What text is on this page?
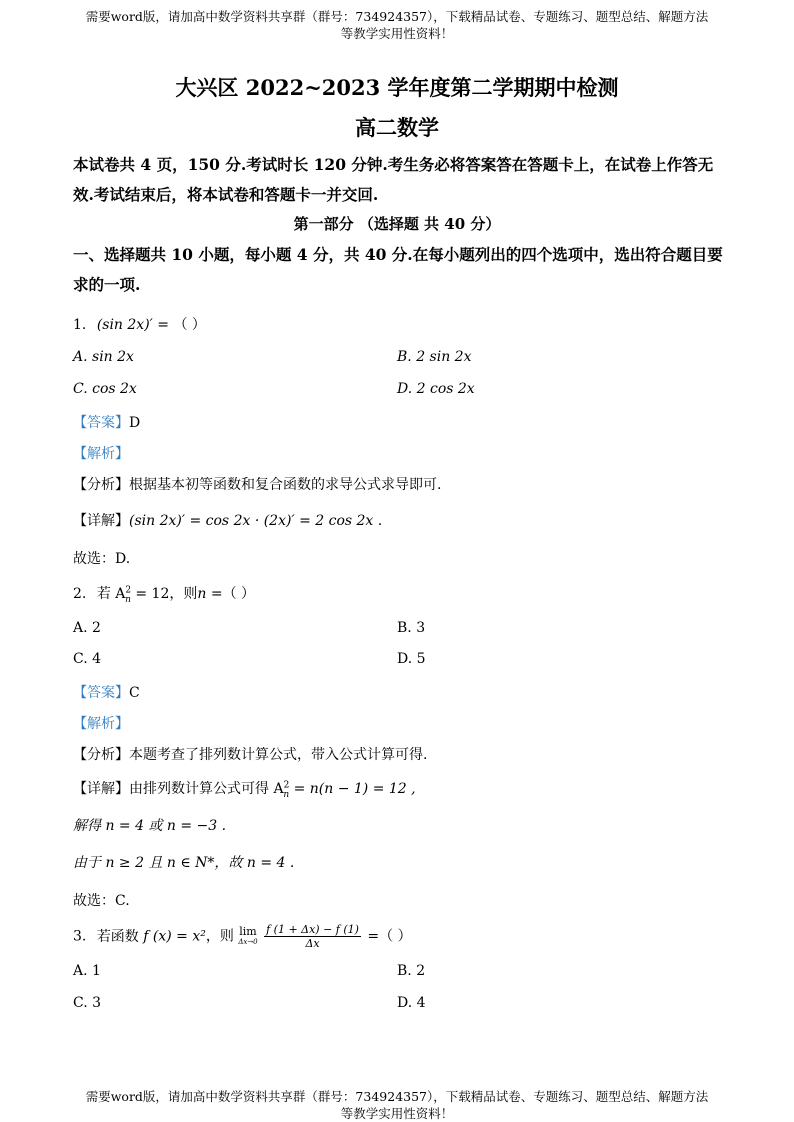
需要word版，请加高中数学资料共享群（群号：734924357），下载精品试卷、专题练习、题型总结、解题方法
等教学实用性资料！
大兴区 2022~2023 学年度第二学期期中检测
高二数学
本试卷共 4 页，150 分.考试时长 120 分钟.考生务必将答案答在答题卡上，在试卷上作答无效.考试结束后，将本试卷和答题卡一并交回.
第一部分 （选择题 共 40 分）
一、选择题共 10 小题，每小题 4 分，共 40 分.在每小题列出的四个选项中，选出符合题目要求的一项.
1. (sin 2x)′ = （ ）
A. sin 2x	B. 2 sin 2x
C. cos 2x	D. 2 cos 2x
【答案】D
【解析】
【分析】根据基本初等函数和复合函数的求导公式求导即可.
【详解】(sin 2x)′ = cos 2x · (2x)′ = 2 cos 2x .
故选：D.
2. 若 $A^2_n = 12$，则n =（ ）
A. 2	B. 3
C. 4	D. 5
【答案】C
【解析】
【分析】本题考查了排列数计算公式，带入公式计算可得.
【详解】由排列数计算公式可得 $A^2_n = n(n - 1) = 12$ ,
解得 n = 4 或 n = −3 .
由于 n ≥ 2 且 n ∈ N*，故 n = 4 .
故选：C.
3. 若函数 f (x) = x²，则 lim
Δx→0
$\frac{f (1 + \Delta x) - f (1)}{\Delta x}$ =（ ）
A. 1	B. 2
C. 3	D. 4
需要word版，请加高中数学资料共享群（群号：734924357），下载精品试卷、专题练习、题型总结、解题方法
等教学实用性资料！
